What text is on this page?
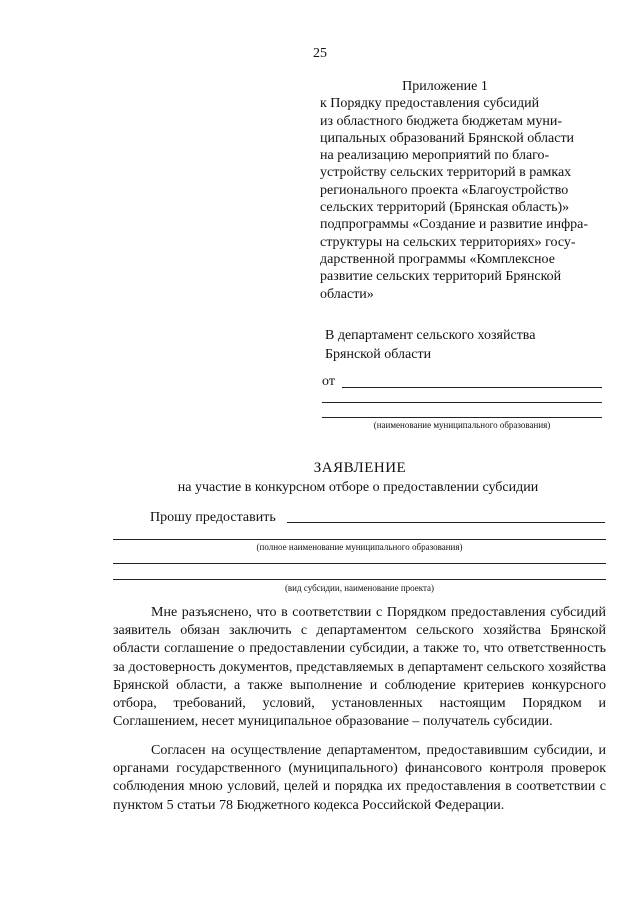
25
Приложение 1
к Порядку предоставления субсидий
из областного бюджета бюджетам муни-
ципальных образований Брянской области
на реализацию мероприятий по благо-
устройству сельских территорий в рамках
регионального проекта «Благоустройство
сельских территорий (Брянская область)»
подпрограммы «Создание и развитие инфра-
структуры на сельских территориях» госу-
дарственной программы «Комплексное
развитие сельских территорий Брянской
области»
В департамент сельского хозяйства
Брянской области
от
(наименование муниципального образования)
ЗАЯВЛЕНИЕ
на участие в конкурсном отборе о предоставлении субсидии
Прошу предоставить
(полное наименование муниципального образования)
(вид субсидии, наименование проекта)
Мне разъяснено, что в соответствии с Порядком предоставления субсидий заявитель обязан заключить с департаментом сельского хозяйства Брянской области соглашение о предоставлении субсидии, а также то, что ответственность за достоверность документов, представляемых в департамент сельского хозяйства Брянской области, а также выполнение и соблюдение критериев конкурсного отбора, требований, условий, установленных настоящим Порядком и Соглашением, несет муниципальное образование – получатель субсидии.
Согласен на осуществление департаментом, предоставившим субсидии, и органами государственного (муниципального) финансового контроля проверок соблюдения мною условий, целей и порядка их предоставления в соответствии с пунктом 5 статьи 78 Бюджетного кодекса Российской Федерации.
